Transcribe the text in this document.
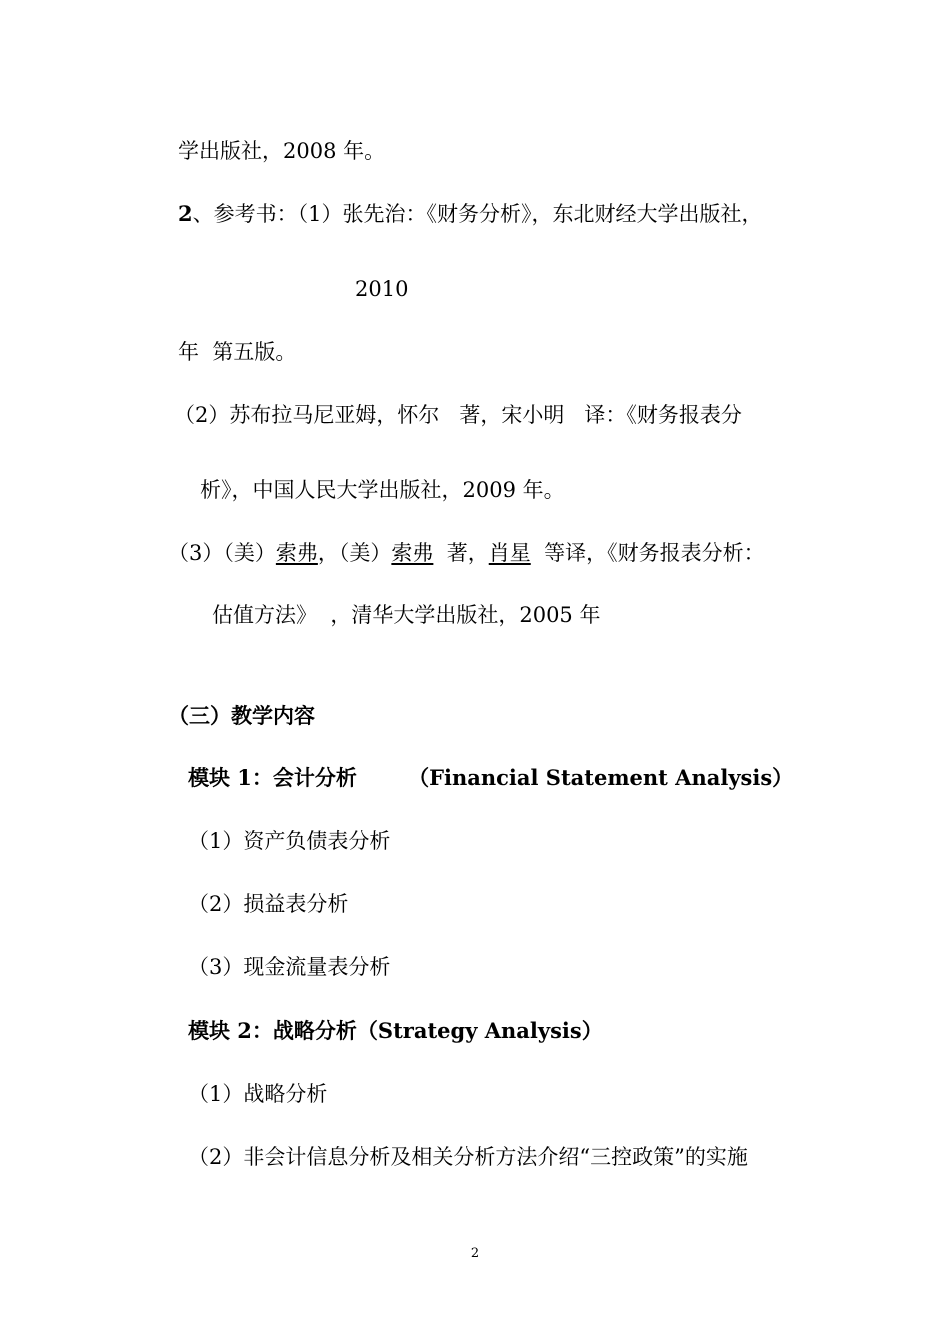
学出版社，2008 年。
2、参考书：（1）张先治：《财务分析》，东北财经大学出版社，
2010
年  第五版。
（2）苏布拉马尼亚姆，怀尔   著，宋小明   译：《财务报表分
析》，中国人民大学出版社，2009 年。
（3）（美）索弗，（美）索弗  著，肖星  等译，《财务报表分析：
估值方法》  ，清华大学出版社，2005 年
（三）教学内容
模块 1：会计分析       （Financial Statement Analysis）
（1）资产负债表分析
（2）损益表分析
（3）现金流量表分析
模块 2：战略分析（Strategy Analysis）
（1）战略分析
（2）非会计信息分析及相关分析方法介绍“三控政策”的实施
2
